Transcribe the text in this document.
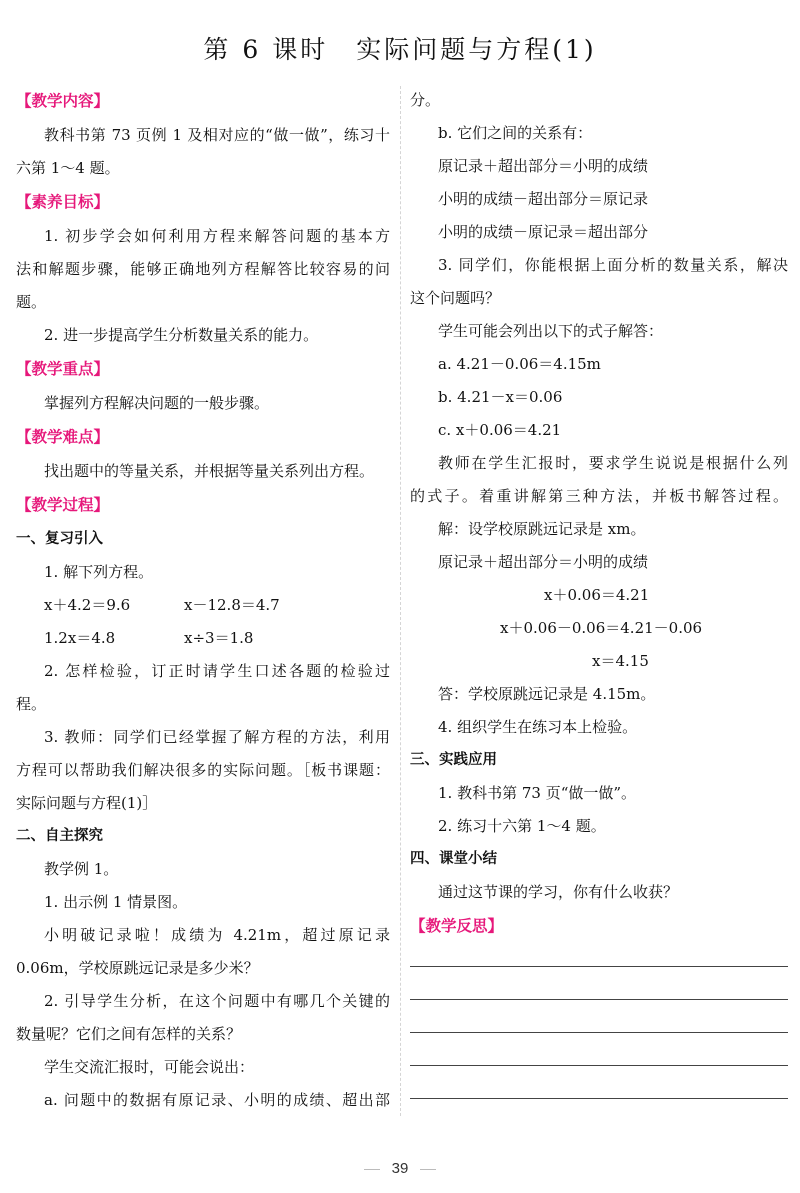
第 6 课时　实际问题与方程(1)

【教学内容】

教科书第 73 页例 1 及相对应的“做一做”，练习十

六第 1～4 题。

【素养目标】

1. 初步学会如何利用方程来解答问题的基本方

法和解题步骤，能够正确地列方程解答比较容易的问

题。

2. 进一步提高学生分析数量关系的能力。

【教学重点】

掌握列方程解决问题的一般步骤。

【教学难点】

找出题中的等量关系，并根据等量关系列出方程。

【教学过程】

一、复习引入

1. 解下列方程。

x＋4.2＝9.6	x－12.8＝4.7

1.2x＝4.8	x÷3＝1.8

2. 怎样检验，订正时请学生口述各题的检验过

程。

3. 教师：同学们已经掌握了解方程的方法，利用

方程可以帮助我们解决很多的实际问题。［板书课题：

实际问题与方程(1)］

二、自主探究

教学例 1。

1. 出示例 1 情景图。

小明破记录啦！成绩为 4.21m，超过原记录

0.06m，学校原跳远记录是多少米？

2. 引导学生分析，在这个问题中有哪几个关键的

数量呢？它们之间有怎样的关系？

学生交流汇报时，可能会说出：

a. 问题中的数据有原记录、小明的成绩、超出部

分。

b. 它们之间的关系有：

原记录＋超出部分＝小明的成绩

小明的成绩－超出部分＝原记录

小明的成绩－原记录＝超出部分

3. 同学们，你能根据上面分析的数量关系，解决

这个问题吗？

学生可能会列出以下的式子解答：

a. 4.21－0.06＝4.15m

b. 4.21－x＝0.06

c. x＋0.06＝4.21

教师在学生汇报时，要求学生说说是根据什么列

的式子。着重讲解第三种方法，并板书解答过程。

解：设学校原跳远记录是 xm。

原记录＋超出部分＝小明的成绩

x＋0.06＝4.21

x＋0.06－0.06＝4.21－0.06

x＝4.15

答：学校原跳远记录是 4.15m。

4. 组织学生在练习本上检验。

三、实践应用

1. 教科书第 73 页“做一做”。

2. 练习十六第 1～4 题。

四、课堂小结

通过这节课的学习，你有什么收获？

【教学反思】

39
